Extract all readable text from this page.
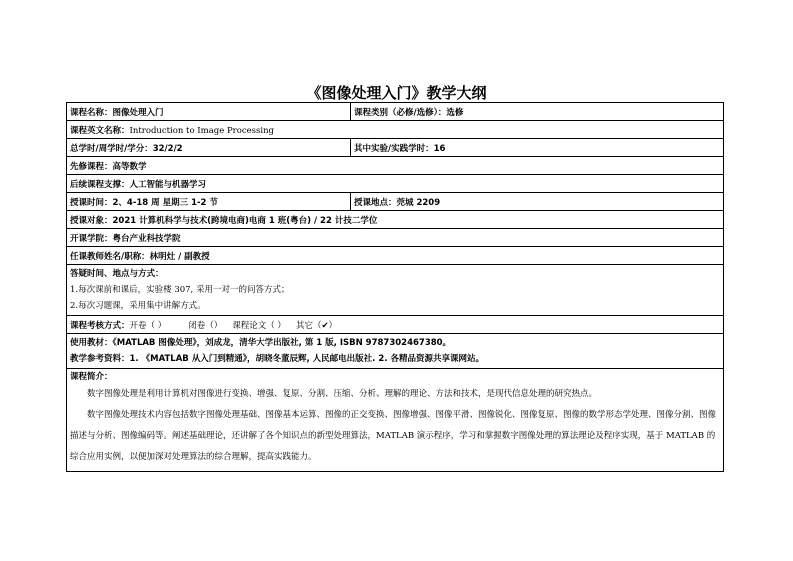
《图像处理入门》教学大纲
课程名称：图像处理入门	课程类别（必修/选修）：选修
课程英文名称：Introduction to Image Processing	
总学时/周学时/学分：32/2/2	其中实验/实践学时：16
先修课程：高等数学	
后续课程支撑：人工智能与机器学习	
授课时间：2、4-18 周 星期三 1-2 节	授课地点：莞城 2209
授课对象：2021 计算机科学与技术(跨境电商)电商 1 班(粤台) / 22 计技二学位	
开课学院：粤台产业科技学院	
任课教师姓名/职称：林明灶 / 副教授	

答疑时间、地点与方式：
1.每次课前和课后，实验楼 307, 采用一对一的问答方式；
2.每次习题课，采用集中讲解方式。	

课程考核方式：开卷（ ） 闭卷（） 课程论文（ ） 其它（✔）	

使用教材：《MATLAB 图像处理》，刘成龙，清华大学出版社, 第 1 版, ISBN 9787302467380。
教学参考资料：1. 《MATLAB 从入门到精通》，胡晓冬董辰辉, 人民邮电出版社. 2. 各精品资源共享课网站。	

课程简介：
数字图像处理是利用计算机对图像进行变换、增强、复原、分割、压缩、分析、理解的理论、方法和技术，是现代信息处理的研究热点。
数字图像处理技术内容包括数字图像处理基础、图像基本运算、图像的正交变换、图像增强、图像平滑、图像锐化、图像复原、图像的数学形态学处理、图像分割、图像描述与分析、图像编码等。阐述基础理论，还讲解了各个知识点的新型处理算法，MATLAB 演示程序，学习和掌握数字图像处理的算法理论及程序实现，基于 MATLAB 的综合应用实例，以便加深对处理算法的综合理解，提高实践能力。	
